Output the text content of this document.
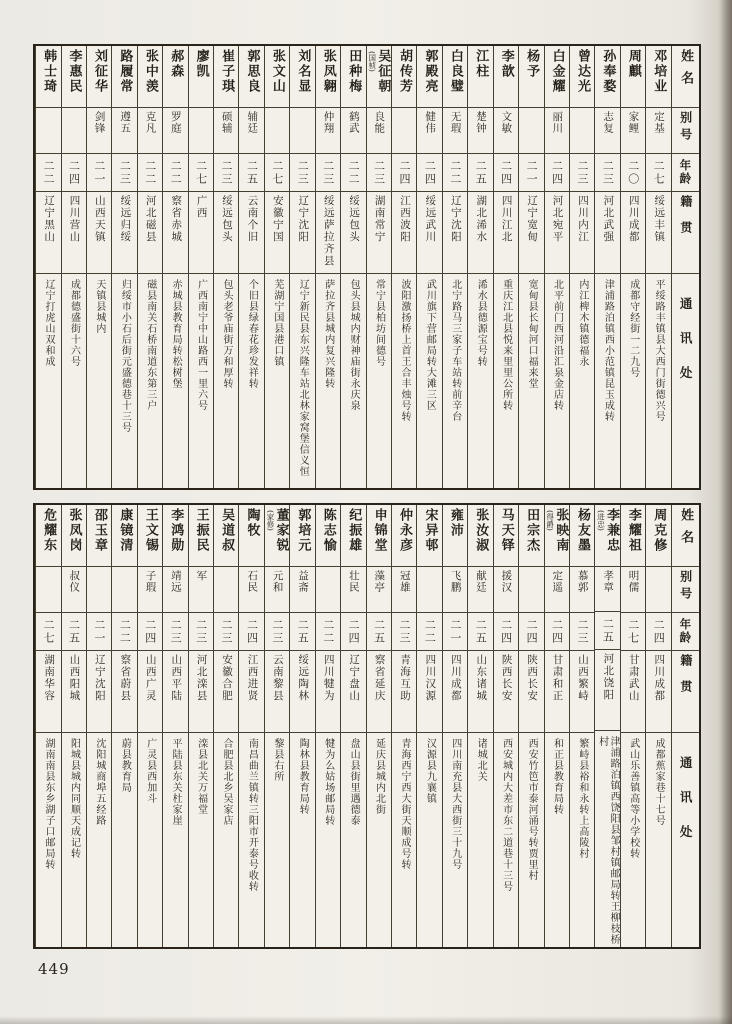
姓名
别号
年龄
籍贯
通讯处
邓培业
定基
二七
绥远丰镇
平绥路丰镇县大西门街德兴号
周麒
家鲤
二〇
四川成都
成都守经街一二九号
孙奉婺
志复
二三
河北武强
津浦路泊镇西小范镇昆玉成转
曾达光
二三
四川内江
内江椑木镇德福永
白金耀
丽川
二四
河北宛平
北平前门西河沿汇泉金店转
杨予
二一
辽宁宽甸
宽甸县长甸河口福来堂
李歆
文敏
二四
四川江北
重庆江北县悦来里里公所转
江柱
楚钟
二五
湖北浠水
浠水县德源宝号转
白良璧
无瑕
二二
辽宁沈阳
北宁路马三家子车站转前辛台
郭殿亮
健伟
二四
绥远武川
武川旗下营邮局转大滩三区
胡传芳
二四
江西波阳
波阳激扬桥上首王合丰烛号转
吴征朝
(国桢)
良能
二三
湖南常宁
常宁县柏坊间德号
田种梅
鹤武
二二
绥远包头
包头县城内财神庙街永庆泉
张凤翱
仲翔
二三
绥远萨拉齐县
萨拉齐县城内复兴隆转
刘名显
二三
辽宁沈阳
辽宁新民县东兴隆车站北林家窝堡信义恒
张文山
二七
安徽宁国
芜湖宁国县港口镇
郭思良
辅廷
二五
云南个旧
个旧县绿春花珍发祥转
崔子琪
硕辅
二三
绥远包头
包头老爷庙街万和厚转
廖凯
二七
广西
广西南宁中山路西一里六号
郝森
罗庭
二二
察省赤城
赤城县教育局转松树堡
张中羡
克凡
二二
河北磁县
磁县南关石桥南道东第三户
路履常
遵五
二三
绥远归绥
归绥市小石后街元盛德巷十三号
刘征华
剑锋
二一
山西天镇
天镇县城内
李惠民
二四
四川营山
成都德盛街十六号
韩士琦
二二
辽宁黑山
辽宁打虎山双和成
姓名
别号
年龄
籍贯
通讯处
周克修
二四
四川成都
成都蕉家巷十七号
李耀祖
明儒
二七
甘肃武山
武山乐善镇高等小学校转
李兼忠
(进忠)
孝章
二五
河北饶阳
津浦路泊镇西饶阳县邹村镇邮局转王柳枝桥村
杨友墨
慕郭
二三
山西繁峙
繁峙县裕和永转上高陵村
张映南
(得爵)
定遥
二四
甘肃和正
和正县教育局转
田宗杰
二四
陕西长安
西安竹笆市泰河涌号转贾里村
马天铎
援汉
二四
陕西长安
西安城内大差市东二道巷十三号
张汝淑
献廷
二五
山东诸城
诸城北关
雍沛
飞鹏
二一
四川成都
四川南充县大西街三十九号
宋异邨
二二
四川汉源
汉源县九襄镇
仲永彦
冠雄
二三
青海互助
青海西宁西大街天顺成号转
申锦堂
藻亭
二五
察省延庆
延庆县城内北街
纪振雄
壮民
二四
辽宁盘山
盘山县街里遇德泰
陈志愉
二二
四川犍为
犍为么姑场邮局转
郭培元
益斋
二五
绥远陶林
陶林县教育局转
董家锐
(家修)
元和
二三
云南黎县
黎县右所
陶牧
石民
二四
江西进贤
南昌曲兰镇转三阳市开泰号收转
吴道叔
二三
安徽合肥
合肥县北乡吴家店
王振民
军
二三
河北滦县
滦县北关万福堂
李鸿勋
靖远
二三
山西平陆
平陆县东关杜家崖
王文锡
子瑕
二四
山西广灵
广灵县西加斗
康镜清
二二
察省蔚县
蔚县教育局
邵玉章
二一
辽宁沈阳
沈阳城商埠五经路
张凤岗
叔仪
二五
山西阳城
阳城县城内同顺天成记转
危耀东
二七
湖南华容
湖南南县东乡湖子口邮局转
449
